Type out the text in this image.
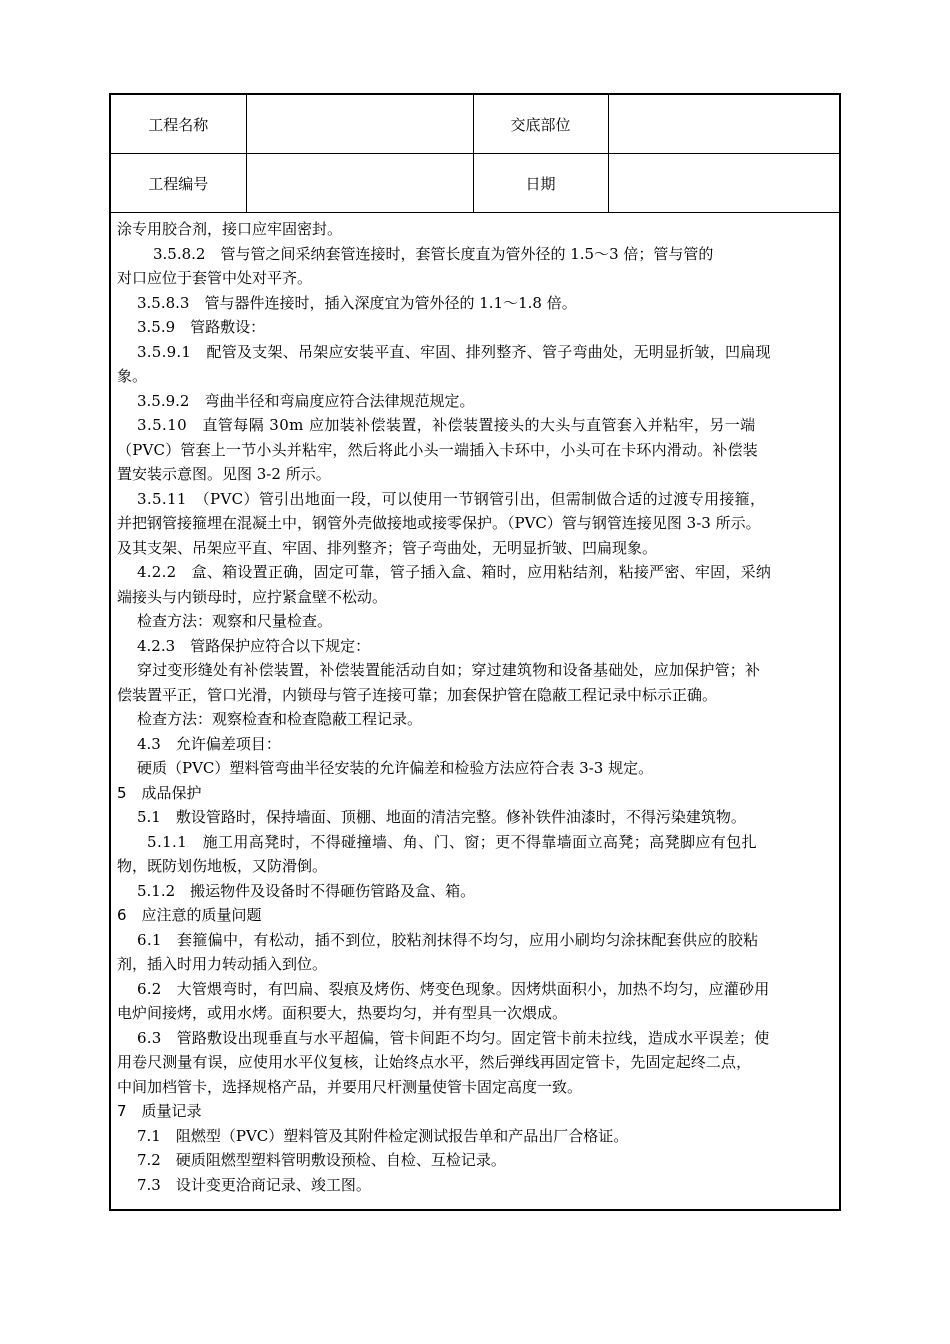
工程名称		交底部位	
工程编号		日期	
涂专用胶合剂，接口应牢固密封。
3.5.8.2　管与管之间采纳套管连接时，套管长度直为管外径的 1.5～3 倍；管与管的
对口应位于套管中处对平齐。
3.5.8.3　管与器件连接时，插入深度宜为管外径的 1.1～1.8 倍。
3.5.9　管路敷设：
3.5.9.1　配管及支架、吊架应安装平直、牢固、排列整齐、管子弯曲处，无明显折皱，凹扁现
象。
3.5.9.2　弯曲半径和弯扁度应符合法律规范规定。
3.5.10　直管每隔 30m 应加装补偿装置，补偿装置接头的大头与直管套入并粘牢，另一端
（PVC）管套上一节小头并粘牢，然后将此小头一端插入卡环中，小头可在卡环内滑动。补偿装
置安装示意图。见图 3-2 所示。
3.5.11　（PVC）管引出地面一段，可以使用一节钢管引出，但需制做合适的过渡专用接箍，
并把钢管接箍埋在混凝土中，钢管外壳做接地或接零保护。（PVC）管与钢管连接见图 3-3 所示。
及其支架、吊架应平直、牢固、排列整齐；管子弯曲处，无明显折皱、凹扁现象。
4.2.2　盒、箱设置正确，固定可靠，管子插入盒、箱时，应用粘结剂，粘接严密、牢固，采纳
端接头与内锁母时，应拧紧盒壁不松动。
检查方法：观察和尺量检查。
4.2.3　管路保护应符合以下规定：
穿过变形缝处有补偿装置，补偿装置能活动自如；穿过建筑物和设备基础处，应加保护管；补
偿装置平正，管口光滑，内锁母与管子连接可靠；加套保护管在隐蔽工程记录中标示正确。
检查方法：观察检查和检查隐蔽工程记录。
4.3　允许偏差项目：
硬质（PVC）塑料管弯曲半径安装的允许偏差和检验方法应符合表 3-3 规定。
5　成品保护
5.1　敷设管路时，保持墙面、顶棚、地面的清洁完整。修补铁件油漆时，不得污染建筑物。
5.1.1　施工用高凳时，不得碰撞墙、角、门、窗；更不得靠墙面立高凳；高凳脚应有包扎
物，既防划伤地板，又防滑倒。
5.1.2　搬运物件及设备时不得砸伤管路及盒、箱。
6　应注意的质量问题
6.1　套箍偏中，有松动，插不到位，胶粘剂抹得不均匀，应用小刷均匀涂抹配套供应的胶粘
剂，插入时用力转动插入到位。
6.2　大管煨弯时，有凹扁、裂痕及烤伤、烤变色现象。因烤烘面积小，加热不均匀，应灌砂用
电炉间接烤，或用水烤。面积要大，热要均匀，并有型具一次煨成。
6.3　管路敷设出现垂直与水平超偏，管卡间距不均匀。固定管卡前未拉线，造成水平误差；使
用卷尺测量有误，应使用水平仪复核，让始终点水平，然后弹线再固定管卡，先固定起终二点，
中间加档管卡，选择规格产品，并要用尺杆测量使管卡固定高度一致。
7　质量记录
7.1　阻燃型（PVC）塑料管及其附件检定测试报告单和产品出厂合格证。
7.2　硬质阻燃型塑料管明敷设预检、自检、互检记录。
7.3　设计变更洽商记录、竣工图。
